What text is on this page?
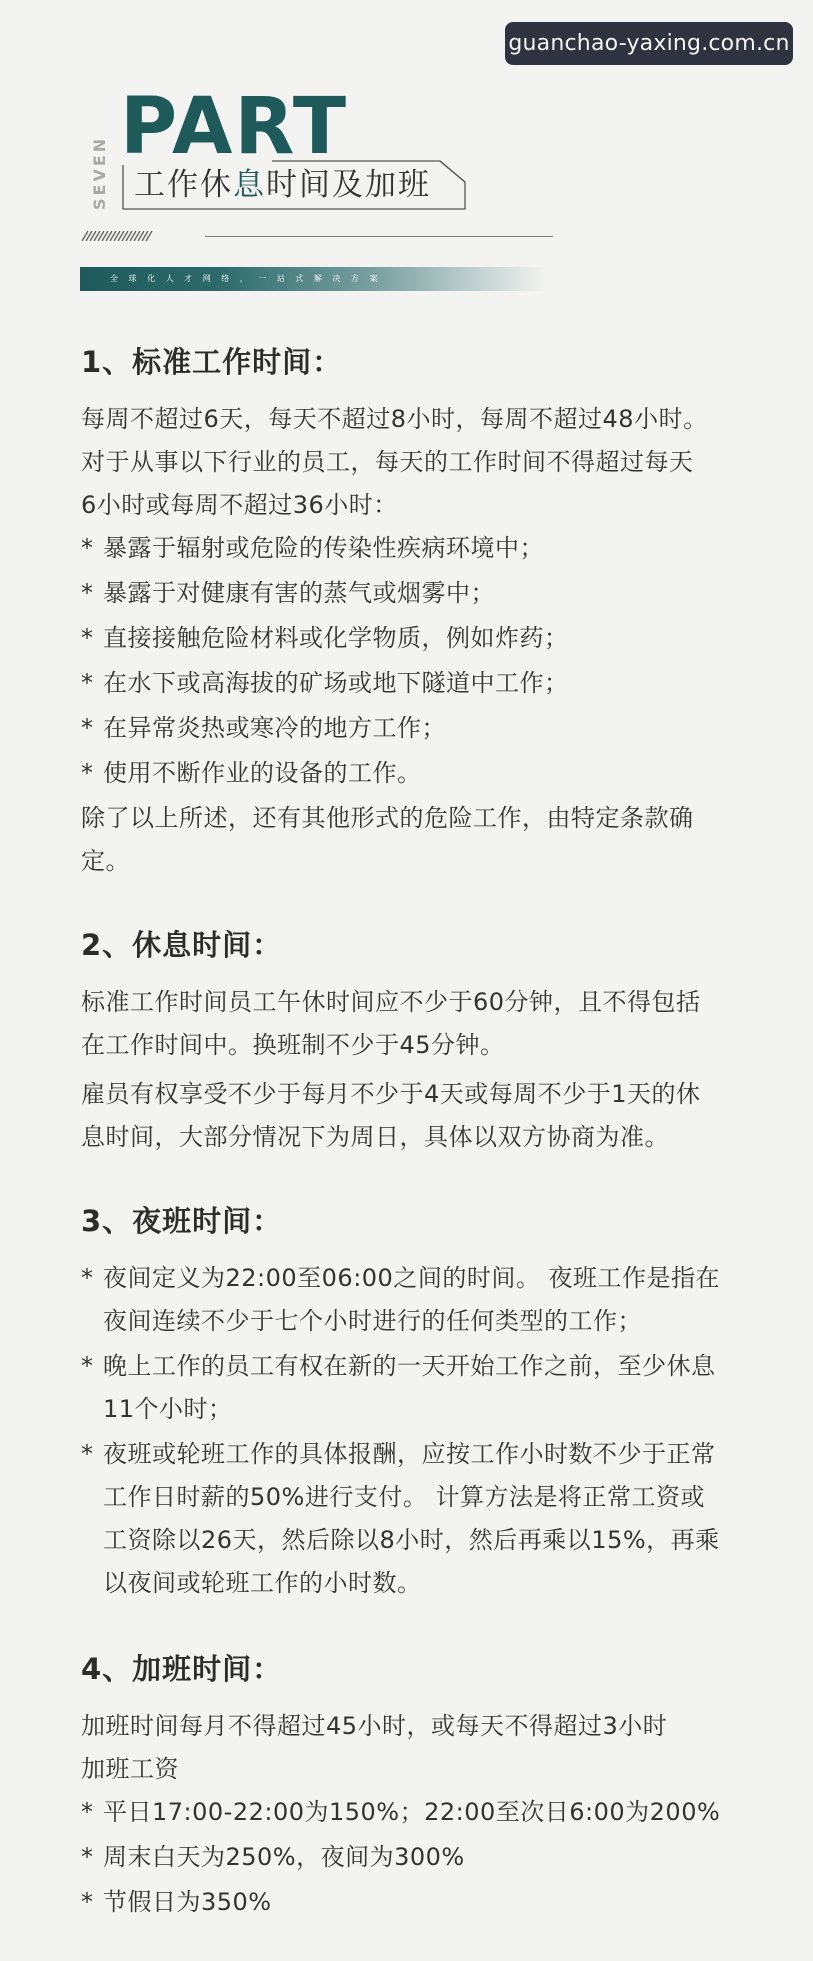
guanchao-yaxing.com.cn
SEVEN
PART
工作休息时间及加班
全 球 化 人 才 网 络 ， 一 站 式 解 决 方 案
1、标准工作时间：
每周不超过6天，每天不超过8小时，每周不超过48小时。
对于从事以下行业的员工，每天的工作时间不得超过每天
6小时或每周不超过36小时：
* 暴露于辐射或危险的传染性疾病环境中；
* 暴露于对健康有害的蒸气或烟雾中；
* 直接接触危险材料或化学物质，例如炸药；
* 在水下或高海拔的矿场或地下隧道中工作；
* 在异常炎热或寒冷的地方工作；
* 使用不断作业的设备的工作。
除了以上所述，还有其他形式的危险工作，由特定条款确
定。
2、休息时间：
标准工作时间员工午休时间应不少于60分钟，且不得包括
在工作时间中。换班制不少于45分钟。
雇员有权享受不少于每月不少于4天或每周不少于1天的休
息时间，大部分情况下为周日，具体以双方协商为准。
3、夜班时间：
* 夜间定义为22:00至06:00之间的时间。 夜班工作是指在
夜间连续不少于七个小时进行的任何类型的工作；
* 晚上工作的员工有权在新的一天开始工作之前，至少休息
11个小时；
* 夜班或轮班工作的具体报酬，应按工作小时数不少于正常
工作日时薪的50%进行支付。 计算方法是将正常工资或
工资除以26天，然后除以8小时，然后再乘以15%，再乘
以夜间或轮班工作的小时数。
4、加班时间：
加班时间每月不得超过45小时，或每天不得超过3小时
加班工资
* 平日17:00-22:00为150%；22:00至次日6:00为200%
* 周末白天为250%，夜间为300%
* 节假日为350%
